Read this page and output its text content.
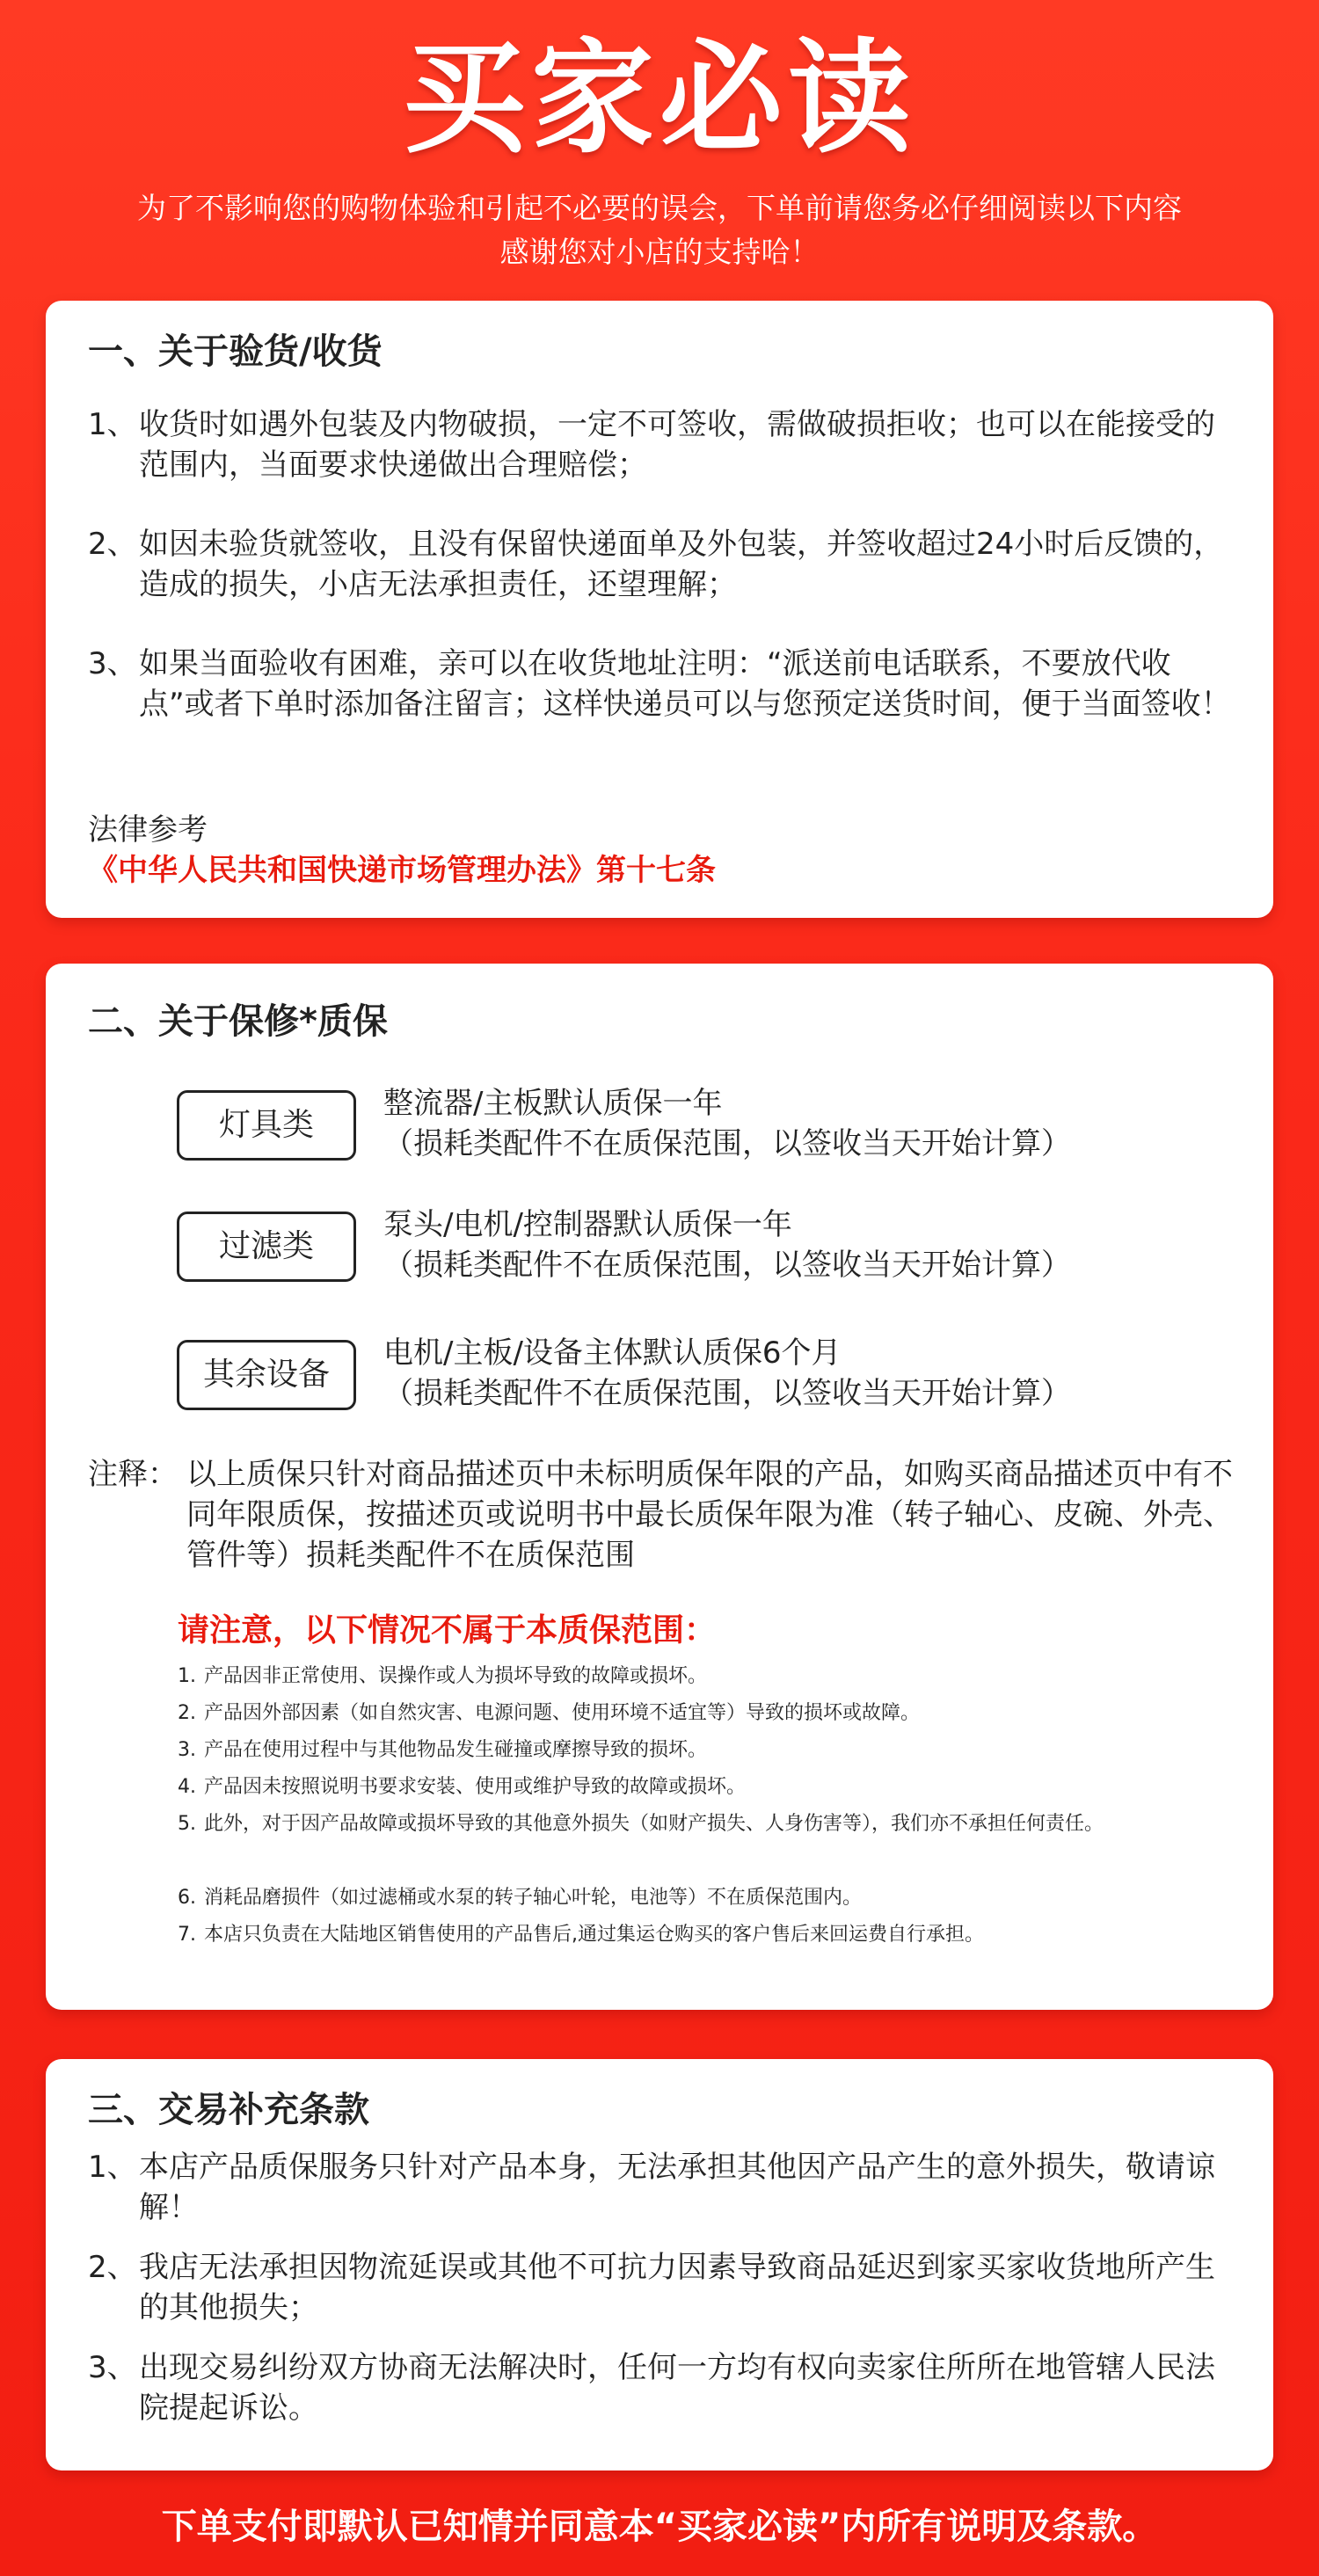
买家必读
为了不影响您的购物体验和引起不必要的误会，下单前请您务必仔细阅读以下内容
感谢您对小店的支持哈！
一、关于验货/收货
1、 收货时如遇外包装及内物破损，一定不可签收，需做破损拒收；也可以在能接受的范围内，当面要求快递做出合理赔偿；
2、 如因未验货就签收，且没有保留快递面单及外包装，并签收超过24小时后反馈的，造成的损失，小店无法承担责任，还望理解；
3、 如果当面验收有困难，亲可以在收货地址注明：“派送前电话联系，不要放代收点”或者下单时添加备注留言；这样快递员可以与您预定送货时间，便于当面签收！
法律参考
《中华人民共和国快递市场管理办法》第十七条
二、关于保修*质保
灯具类
整流器/主板默认质保一年
（损耗类配件不在质保范围，以签收当天开始计算）
过滤类
泵头/电机/控制器默认质保一年
（损耗类配件不在质保范围，以签收当天开始计算）
其余设备
电机/主板/设备主体默认质保6个月
（损耗类配件不在质保范围，以签收当天开始计算）
注释： 以上质保只针对商品描述页中未标明质保年限的产品，如购买商品描述页中有不同年限质保，按描述页或说明书中最长质保年限为准（转子轴心、皮碗、外壳、管件等）损耗类配件不在质保范围
请注意，以下情况不属于本质保范围：
1. 产品因非正常使用、误操作或人为损坏导致的故障或损坏。
2. 产品因外部因素（如自然灾害、电源问题、使用环境不适宜等）导致的损坏或故障。
3. 产品在使用过程中与其他物品发生碰撞或摩擦导致的损坏。
4. 产品因未按照说明书要求安装、使用或维护导致的故障或损坏。
5. 此外，对于因产品故障或损坏导致的其他意外损失（如财产损失、人身伤害等），我们亦不承担任何责任。
6. 消耗品磨损件（如过滤桶或水泵的转子轴心叶轮，电池等）不在质保范围内。
7. 本店只负责在大陆地区销售使用的产品售后,通过集运仓购买的客户售后来回运费自行承担。
三、交易补充条款
1、 本店产品质保服务只针对产品本身，无法承担其他因产品产生的意外损失，敬请谅解！
2、 我店无法承担因物流延误或其他不可抗力因素导致商品延迟到家买家收货地所产生的其他损失；
3、 出现交易纠纷双方协商无法解决时，任何一方均有权向卖家住所所在地管辖人民法院提起诉讼。
下单支付即默认已知情并同意本“买家必读”内所有说明及条款。
